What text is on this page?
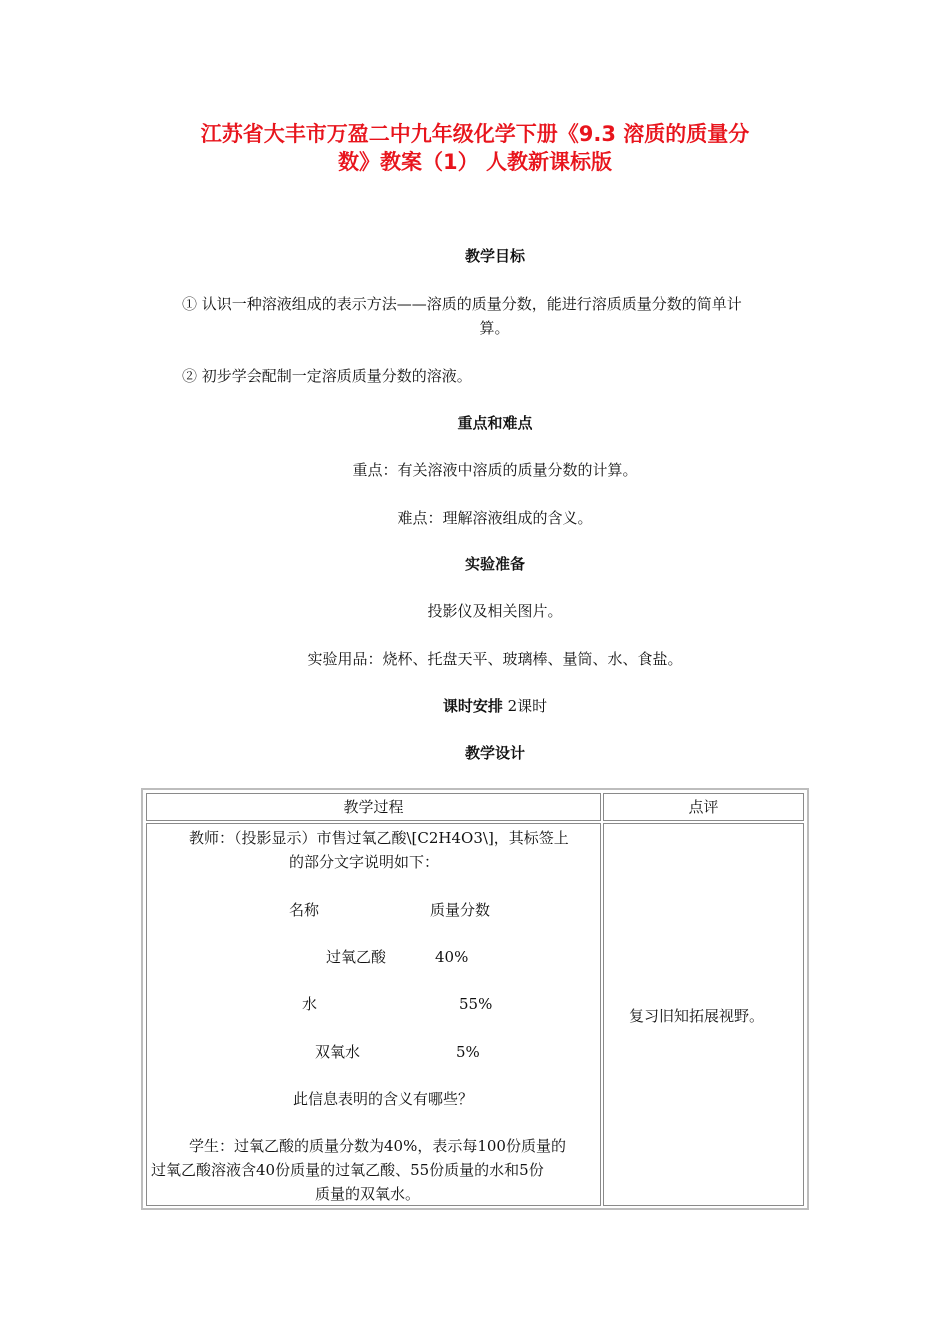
江苏省大丰市万盈二中九年级化学下册《9.3 溶质的质量分
数》教案（1） 人教新课标版
教学目标
① 认识一种溶液组成的表示方法——溶质的质量分数，能进行溶质质量分数的简单计
算。
② 初步学会配制一定溶质质量分数的溶液。
重点和难点
重点：有关溶液中溶质的质量分数的计算。
难点：理解溶液组成的含义。
实验准备
投影仪及相关图片。
实验用品：烧杯、托盘天平、玻璃棒、量筒、水、食盐。
课时安排 2课时
教学设计
教学过程	点评
教师：（投影显示）市售过氧乙酸\[C2H4O3\]，其标签上
的部分文字说明如下：
名称	质量分数
过氧乙酸	40%
水	55%
双氧水	5%
此信息表明的含义有哪些？
学生：过氧乙酸的质量分数为40%，表示每100份质量的
过氧乙酸溶液含40份质量的过氧乙酸、55份质量的水和5份
质量的双氧水。
复习旧知拓展视野。
